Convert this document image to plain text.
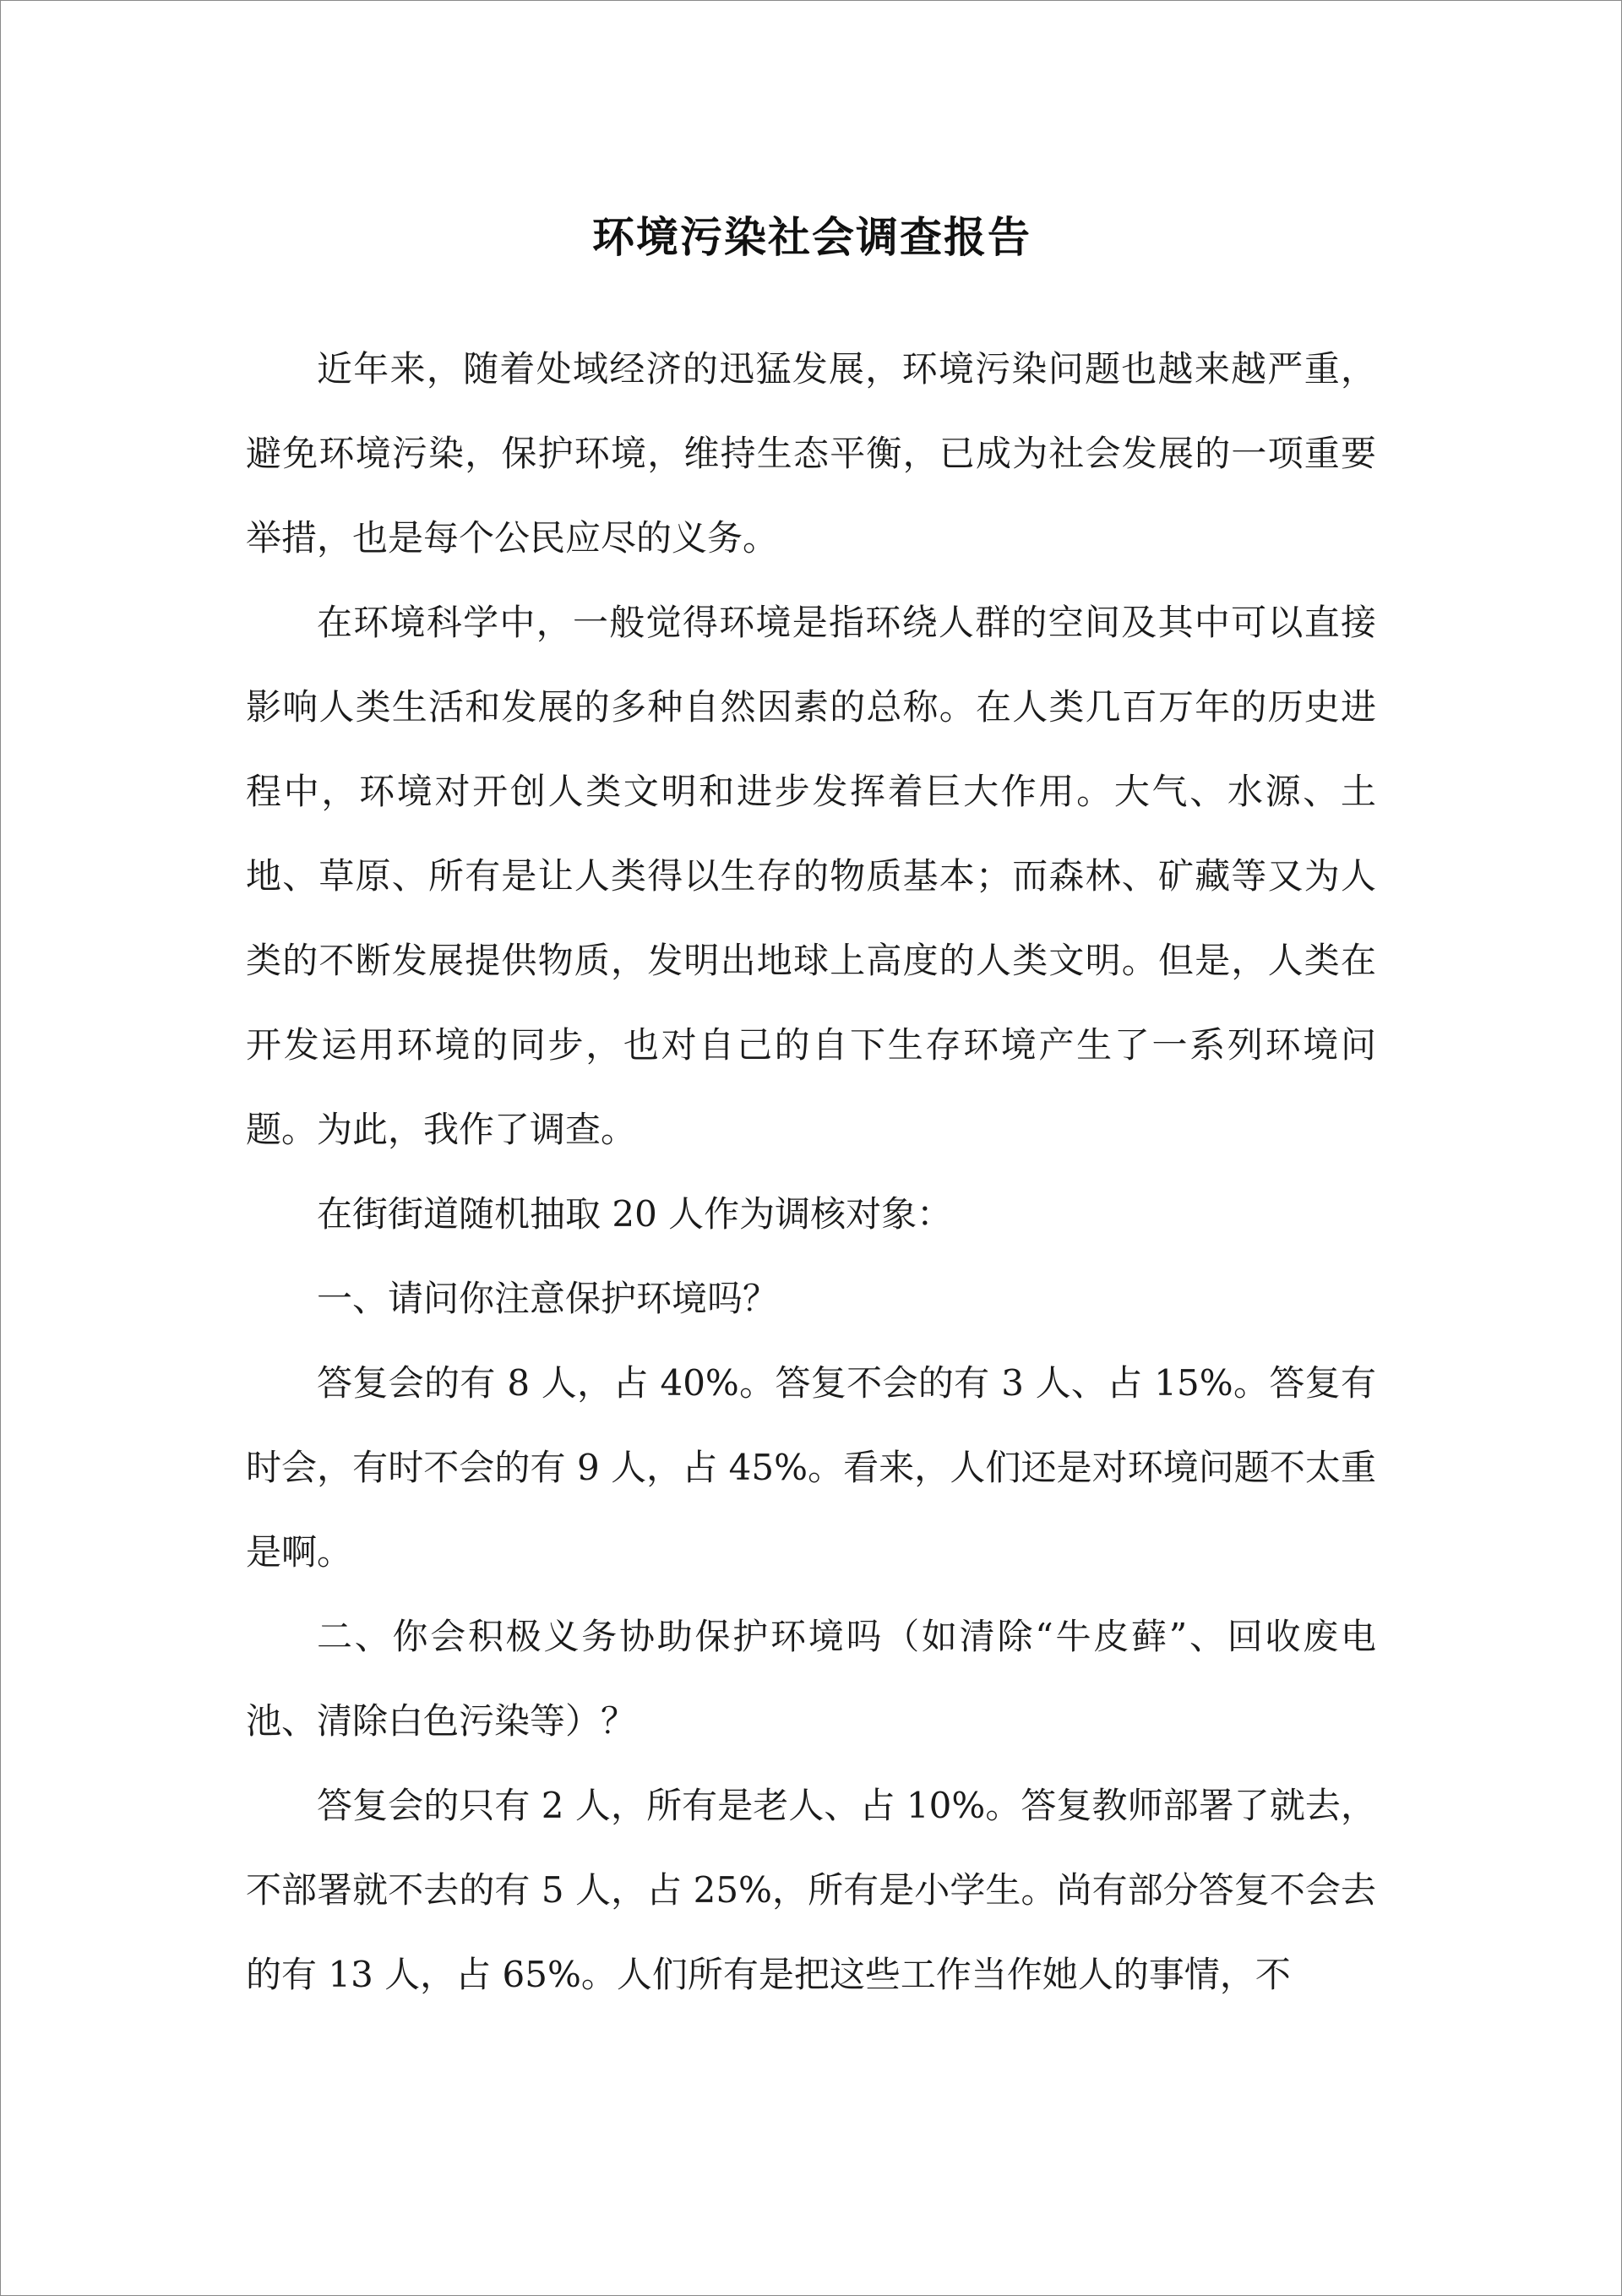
环境污染社会调查报告

近年来，随着处域经济的迅猛发展，环境污染问题也越来越严重，避免环境污染，保护环境，维持生态平衡，已成为社会发展的一项重要举措，也是每个公民应尽的义务。

在环境科学中，一般觉得环境是指环绕人群的空间及其中可以直接影响人类生活和发展的多种自然因素的总称。在人类几百万年的历史进程中，环境对开创人类文明和进步发挥着巨大作用。大气、水源、土地、草原、所有是让人类得以生存的物质基本；而森林、矿藏等又为人类的不断发展提供物质，发明出地球上高度的人类文明。但是，人类在开发运用环境的同步，也对自己的自下生存环境产生了一系列环境问题。为此，我作了调查。

在街街道随机抽取 20 人作为调核对象：

一、请问你注意保护环境吗？

答复会的有 8 人，占 40%。答复不会的有 3 人、占 15%。答复有时会，有时不会的有 9 人，占 45%。看来，人们还是对环境问题不太重是啊。

二、你会积极义务协助保护环境吗（如清除“牛皮藓”、回收废电池、清除白色污染等）？

答复会的只有 2 人，所有是老人、占 10%。答复教师部署了就去，不部署就不去的有 5 人，占 25%，所有是小学生。尚有部分答复不会去的有 13 人，占 65%。人们所有是把这些工作当作她人的事情，不
